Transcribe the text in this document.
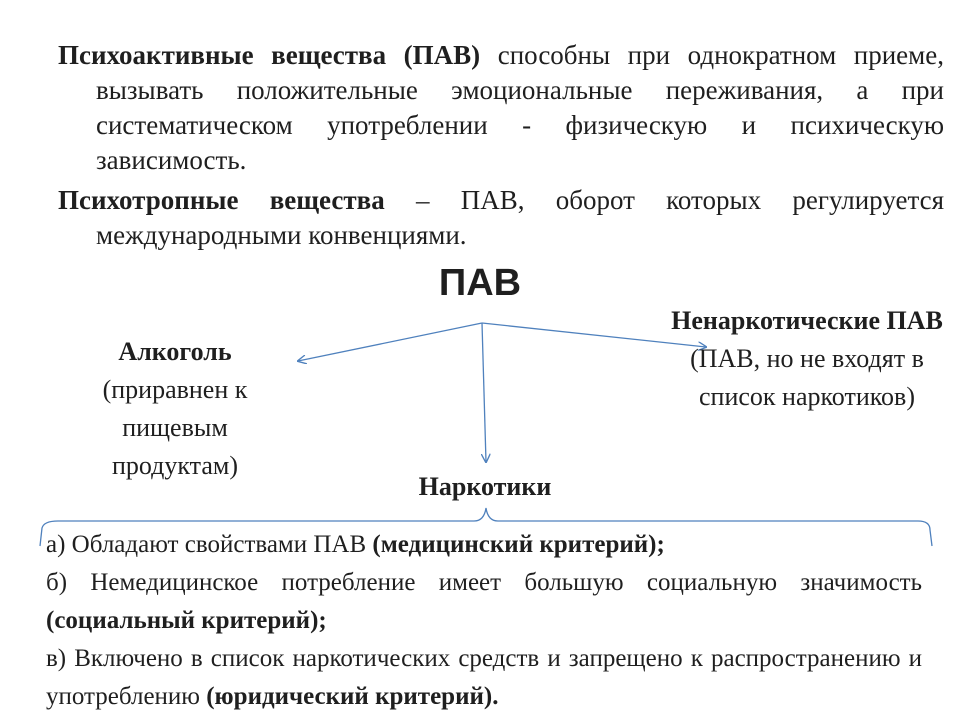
Психоактивные вещества (ПАВ) способны при однократном приеме, вызывать положительные эмоциональные переживания, а при систематическом употреблении - физическую и психическую зависимость.
Психотропные вещества – ПАВ, оборот которых регулируется международными конвенциями.
ПАВ
Алкоголь
(приравнен к пищевым продуктам)
Ненаркотические ПАВ
(ПАВ, но не входят в список наркотиков)
Наркотики

а) Обладают свойствами ПАВ (медицинский критерий);

б) Немедицинское потребление имеет большую социальную значимость (социальный критерий);

в) Включено в список наркотических средств и запрещено к распространению и употреблению (юридический критерий).
